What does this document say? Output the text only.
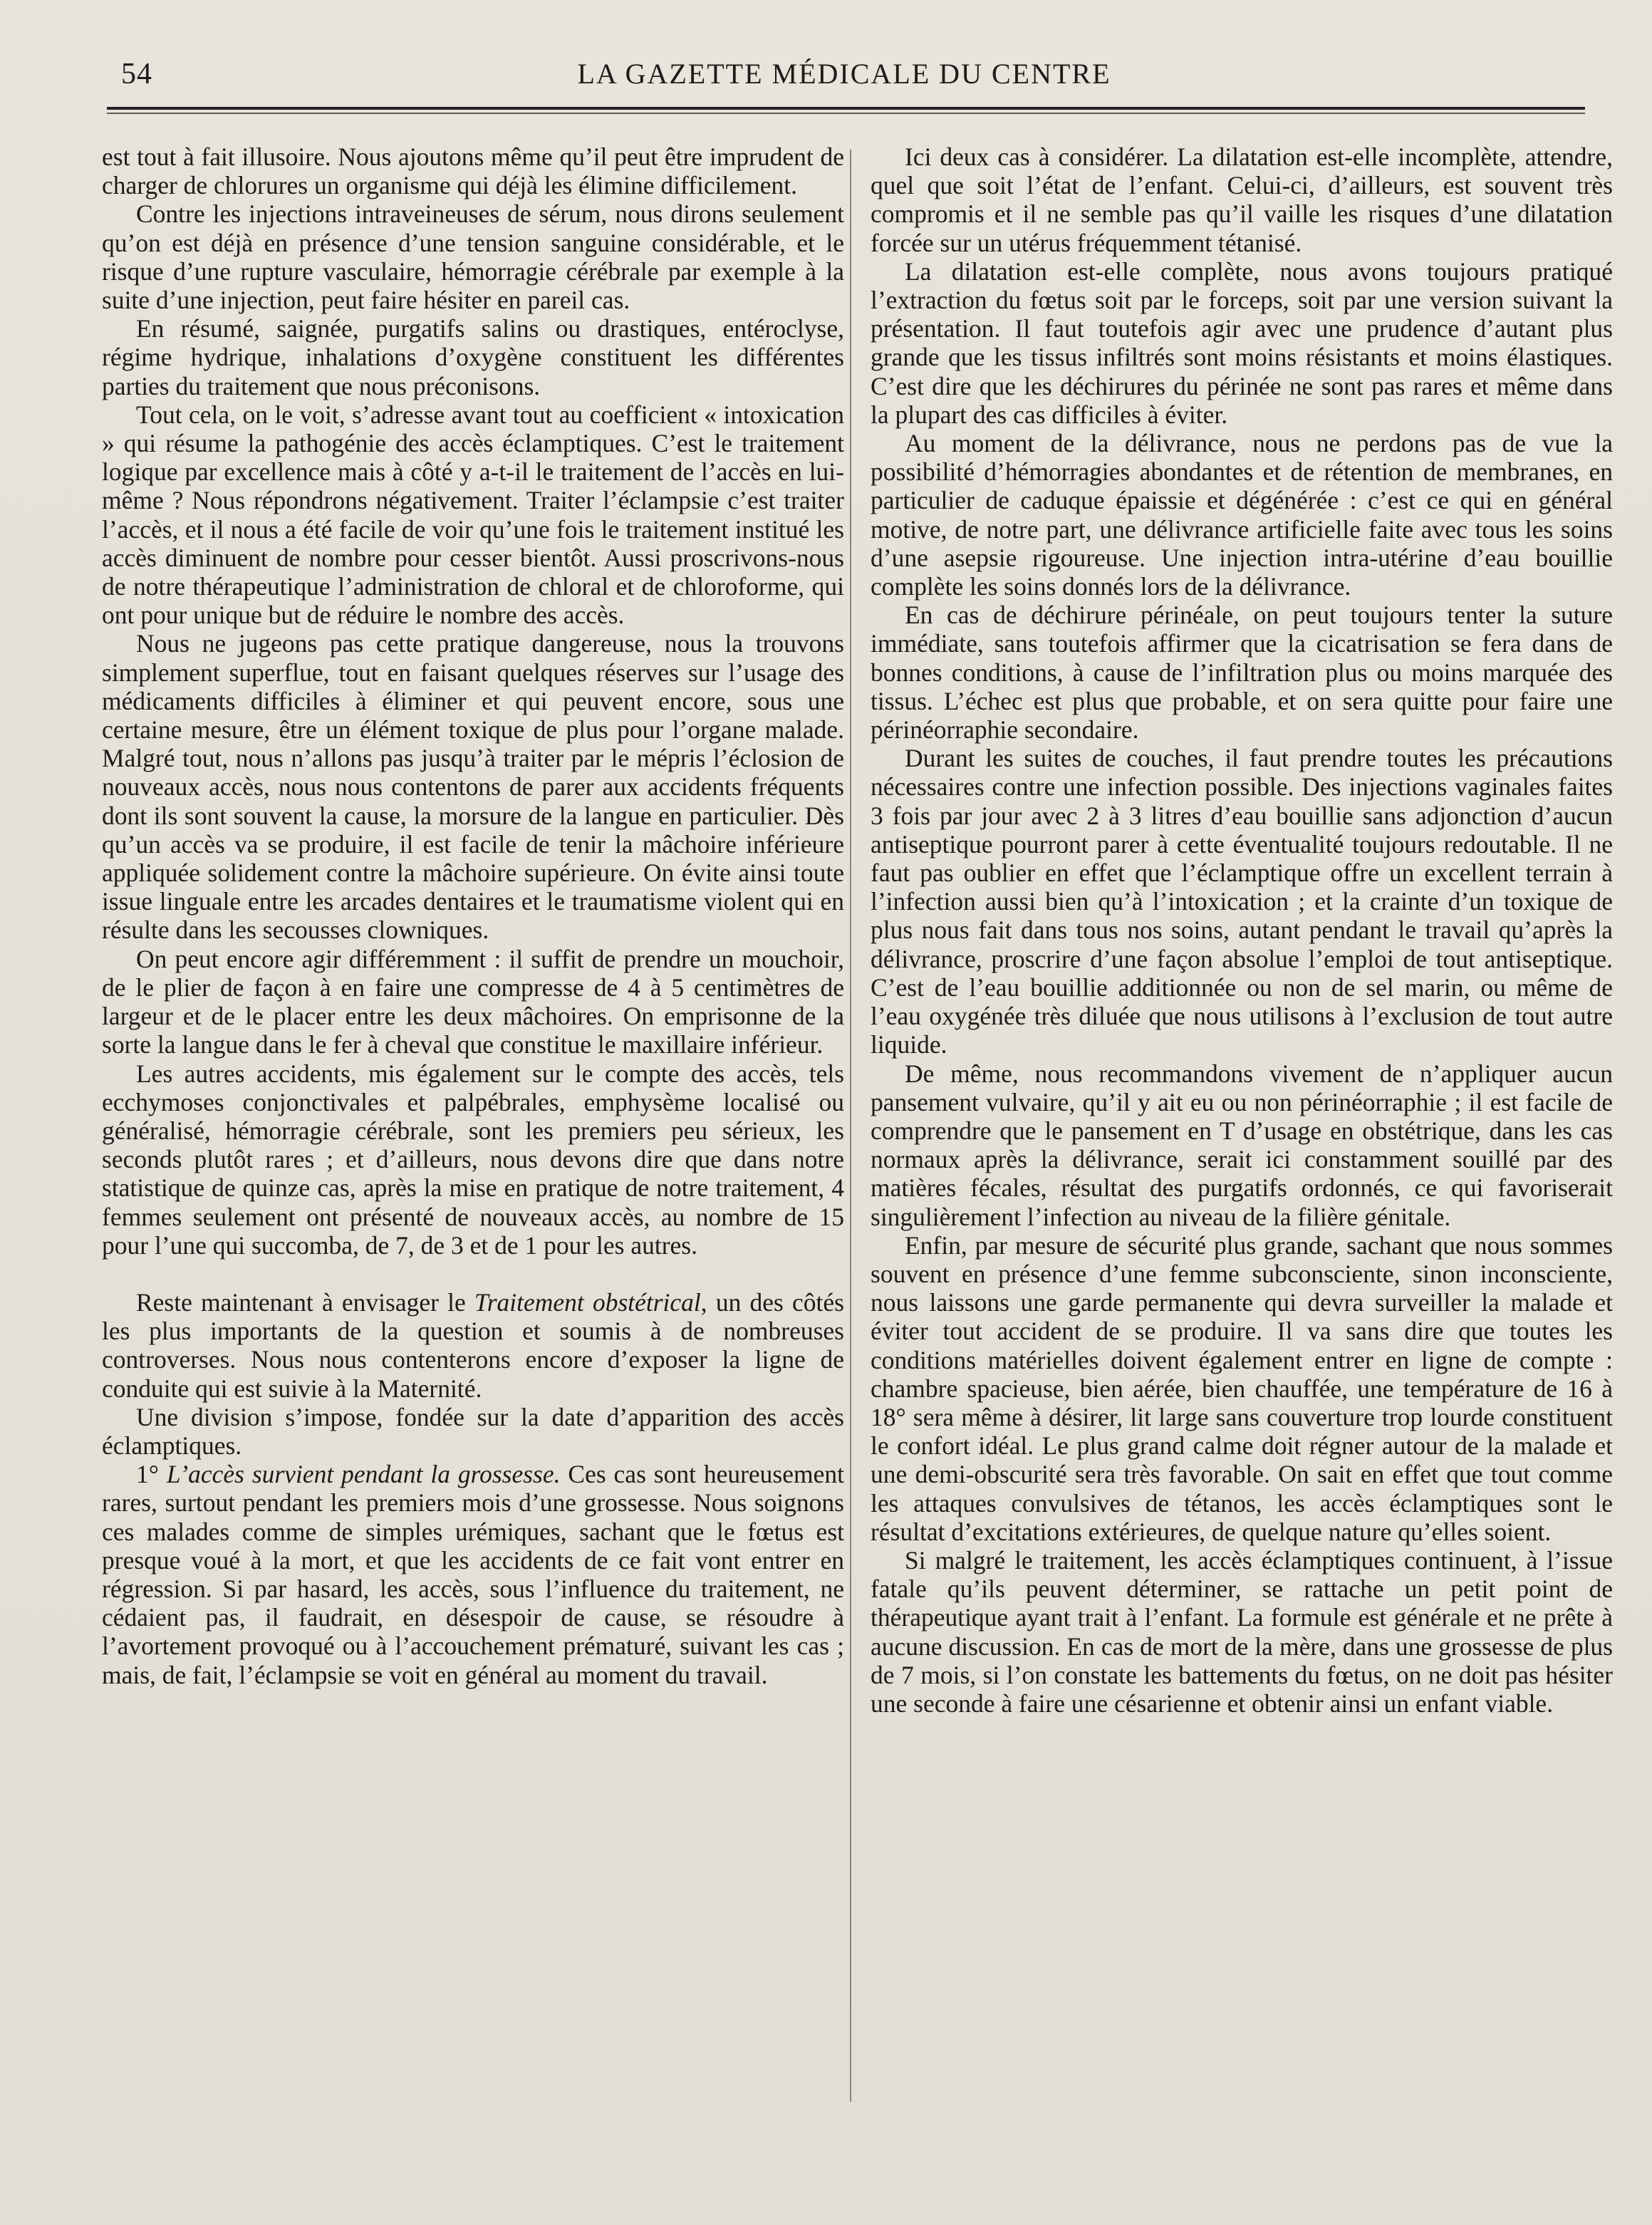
54	LA GAZETTE MÉDICALE DU CENTRE

est tout à fait illusoire. Nous ajoutons même qu’il peut être imprudent de charger de chlorures un organisme qui déjà les élimine difficilement.

Contre les injections intraveineuses de sérum, nous dirons seulement qu’on est déjà en présence d’une tension sanguine considérable, et le risque d’une rupture vasculaire, hémorragie cérébrale par exemple à la suite d’une injection, peut faire hésiter en pareil cas.

En résumé, saignée, purgatifs salins ou drastiques, entéroclyse, régime hydrique, inhalations d’oxygène constituent les différentes parties du traitement que nous préconisons.

Tout cela, on le voit, s’adresse avant tout au coefficient « intoxication » qui résume la pathogénie des accès éclamptiques. C’est le traitement logique par excellence mais à côté y a-t-il le traitement de l’accès en lui-même ? Nous répondrons négativement. Traiter l’éclampsie c’est traiter l’accès, et il nous a été facile de voir qu’une fois le traitement institué les accès diminuent de nombre pour cesser bientôt. Aussi proscrivons-nous de notre thérapeutique l’administration de chloral et de chloroforme, qui ont pour unique but de réduire le nombre des accès.

Nous ne jugeons pas cette pratique dangereuse, nous la trouvons simplement superflue, tout en faisant quelques réserves sur l’usage des médicaments difficiles à éliminer et qui peuvent encore, sous une certaine mesure, être un élément toxique de plus pour l’organe malade. Malgré tout, nous n’allons pas jusqu’à traiter par le mépris l’éclosion de nouveaux accès, nous nous contentons de parer aux accidents fréquents dont ils sont souvent la cause, la morsure de la langue en particulier. Dès qu’un accès va se produire, il est facile de tenir la mâchoire inférieure appliquée solidement contre la mâchoire supérieure. On évite ainsi toute issue linguale entre les arcades dentaires et le traumatisme violent qui en résulte dans les secousses clowniques.

On peut encore agir différemment : il suffit de prendre un mouchoir, de le plier de façon à en faire une compresse de 4 à 5 centimètres de largeur et de le placer entre les deux mâchoires. On emprisonne de la sorte la langue dans le fer à cheval que constitue le maxillaire inférieur.

Les autres accidents, mis également sur le compte des accès, tels ecchymoses conjonctivales et palpébrales, emphysème localisé ou généralisé, hémorragie cérébrale, sont les premiers peu sérieux, les seconds plutôt rares ; et d’ailleurs, nous devons dire que dans notre statistique de quinze cas, après la mise en pratique de notre traitement, 4 femmes seulement ont présenté de nouveaux accès, au nombre de 15 pour l’une qui succomba, de 7, de 3 et de 1 pour les autres.

Reste maintenant à envisager le Traitement obstétrical, un des côtés les plus importants de la question et soumis à de nombreuses controverses. Nous nous contenterons encore d’exposer la ligne de conduite qui est suivie à la Maternité.

Une division s’impose, fondée sur la date d’apparition des accès éclamptiques.

1° L’accès survient pendant la grossesse. Ces cas sont heureusement rares, surtout pendant les premiers mois d’une grossesse. Nous soignons ces malades comme de simples urémiques, sachant que le fœtus est presque voué à la mort, et que les accidents de ce fait vont entrer en régression. Si par hasard, les accès, sous l’influence du traitement, ne cédaient pas, il faudrait, en désespoir de cause, se résoudre à l’avortement provoqué ou à l’accouchement prématuré, suivant les cas ; mais, de fait, l’éclampsie se voit en général au moment du travail.

Ici deux cas à considérer. La dilatation est-elle incomplète, attendre, quel que soit l’état de l’enfant. Celui-ci, d’ailleurs, est souvent très compromis et il ne semble pas qu’il vaille les risques d’une dilatation forcée sur un utérus fréquemment tétanisé.

La dilatation est-elle complète, nous avons toujours pratiqué l’extraction du fœtus soit par le forceps, soit par une version suivant la présentation. Il faut toutefois agir avec une prudence d’autant plus grande que les tissus infiltrés sont moins résistants et moins élastiques. C’est dire que les déchirures du périnée ne sont pas rares et même dans la plupart des cas difficiles à éviter.

Au moment de la délivrance, nous ne perdons pas de vue la possibilité d’hémorragies abondantes et de rétention de membranes, en particulier de caduque épaissie et dégénérée : c’est ce qui en général motive, de notre part, une délivrance artificielle faite avec tous les soins d’une asepsie rigoureuse. Une injection intra-utérine d’eau bouillie complète les soins donnés lors de la délivrance.

En cas de déchirure périnéale, on peut toujours tenter la suture immédiate, sans toutefois affirmer que la cicatrisation se fera dans de bonnes conditions, à cause de l’infiltration plus ou moins marquée des tissus. L’échec est plus que probable, et on sera quitte pour faire une périnéorraphie secondaire.

Durant les suites de couches, il faut prendre toutes les précautions nécessaires contre une infection possible. Des injections vaginales faites 3 fois par jour avec 2 à 3 litres d’eau bouillie sans adjonction d’aucun antiseptique pourront parer à cette éventualité toujours redoutable. Il ne faut pas oublier en effet que l’éclamptique offre un excellent terrain à l’infection aussi bien qu’à l’intoxication ; et la crainte d’un toxique de plus nous fait dans tous nos soins, autant pendant le travail qu’après la délivrance, proscrire d’une façon absolue l’emploi de tout antiseptique. C’est de l’eau bouillie additionnée ou non de sel marin, ou même de l’eau oxygénée très diluée que nous utilisons à l’exclusion de tout autre liquide.

De même, nous recommandons vivement de n’appliquer aucun pansement vulvaire, qu’il y ait eu ou non périnéorraphie ; il est facile de comprendre que le pansement en T d’usage en obstétrique, dans les cas normaux après la délivrance, serait ici constamment souillé par des matières fécales, résultat des purgatifs ordonnés, ce qui favoriserait singulièrement l’infection au niveau de la filière génitale.

Enfin, par mesure de sécurité plus grande, sachant que nous sommes souvent en présence d’une femme subconsciente, sinon inconsciente, nous laissons une garde permanente qui devra surveiller la malade et éviter tout accident de se produire. Il va sans dire que toutes les conditions matérielles doivent également entrer en ligne de compte : chambre spacieuse, bien aérée, bien chauffée, une température de 16 à 18° sera même à désirer, lit large sans couverture trop lourde constituent le confort idéal. Le plus grand calme doit régner autour de la malade et une demi-obscurité sera très favorable. On sait en effet que tout comme les attaques convulsives de tétanos, les accès éclamptiques sont le résultat d’excitations extérieures, de quelque nature qu’elles soient.

Si malgré le traitement, les accès éclamptiques continuent, à l’issue fatale qu’ils peuvent déterminer, se rattache un petit point de thérapeutique ayant trait à l’enfant. La formule est générale et ne prête à aucune discussion. En cas de mort de la mère, dans une grossesse de plus de 7 mois, si l’on constate les battements du fœtus, on ne doit pas hésiter une seconde à faire une césarienne et obtenir ainsi un enfant viable.
